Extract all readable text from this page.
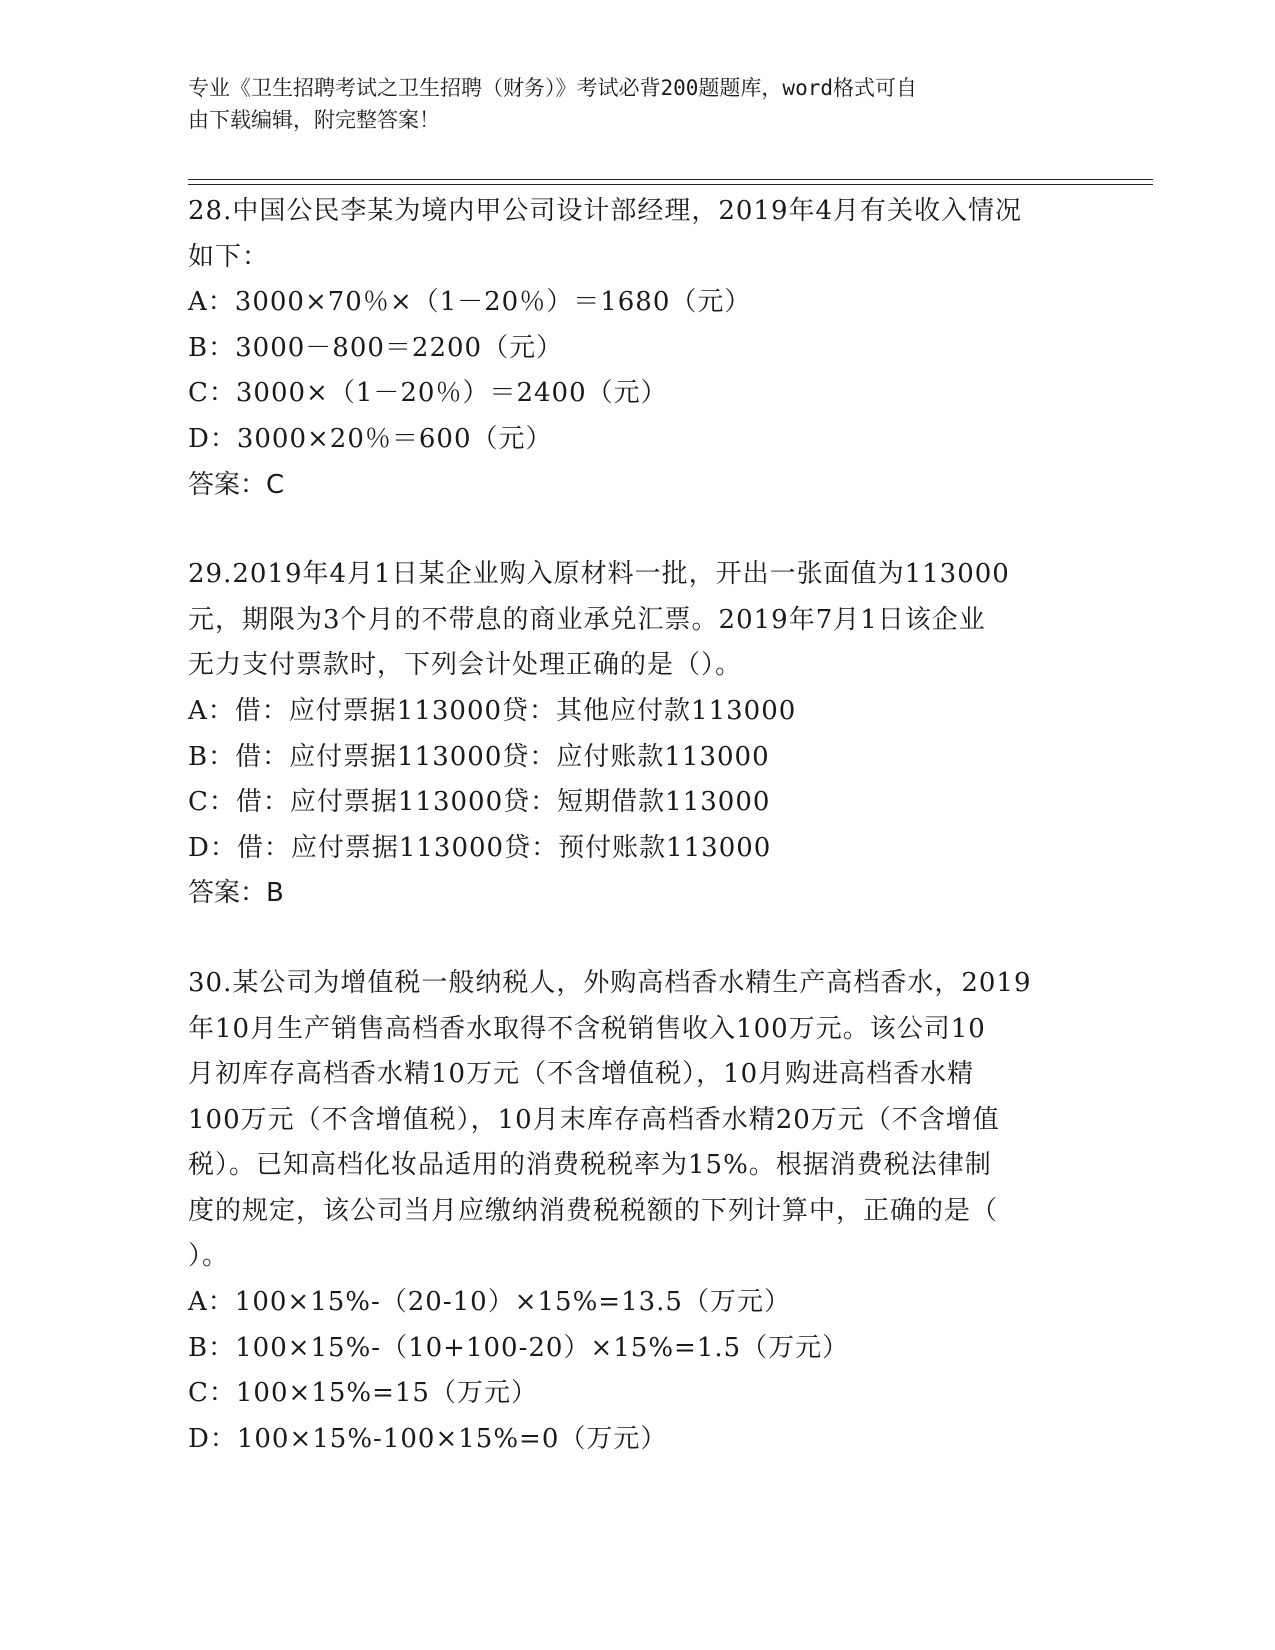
专业《卫生招聘考试之卫生招聘（财务）》考试必背200题题库，word格式可自
由下载编辑，附完整答案！
28.中国公民李某为境内甲公司设计部经理，2019年4月有关收入情况
如下：
A：3000×70％×（1－20％）＝1680（元）
B：3000－800＝2200（元）
C：3000×（1－20％）＝2400（元）
D：3000×20％＝600（元）
答案：C
29.2019年4月1日某企业购入原材料一批，开出一张面值为113000
元，期限为3个月的不带息的商业承兑汇票。2019年7月1日该企业
无力支付票款时，下列会计处理正确的是（）。
A：借：应付票据113000贷：其他应付款113000
B：借：应付票据113000贷：应付账款113000
C：借：应付票据113000贷：短期借款113000
D：借：应付票据113000贷：预付账款113000
答案：B
30.某公司为增值税一般纳税人，外购高档香水精生产高档香水，2019
年10月生产销售高档香水取得不含税销售收入100万元。该公司10
月初库存高档香水精10万元（不含增值税），10月购进高档香水精
100万元（不含增值税），10月末库存高档香水精20万元（不含增值
税）。已知高档化妆品适用的消费税税率为15%。根据消费税法律制
度的规定，该公司当月应缴纳消费税税额的下列计算中，正确的是（
）。
A：100×15%-（20-10）×15%=13.5（万元）
B：100×15%-（10+100-20）×15%=1.5（万元）
C：100×15%=15（万元）
D：100×15%-100×15%=0（万元）
